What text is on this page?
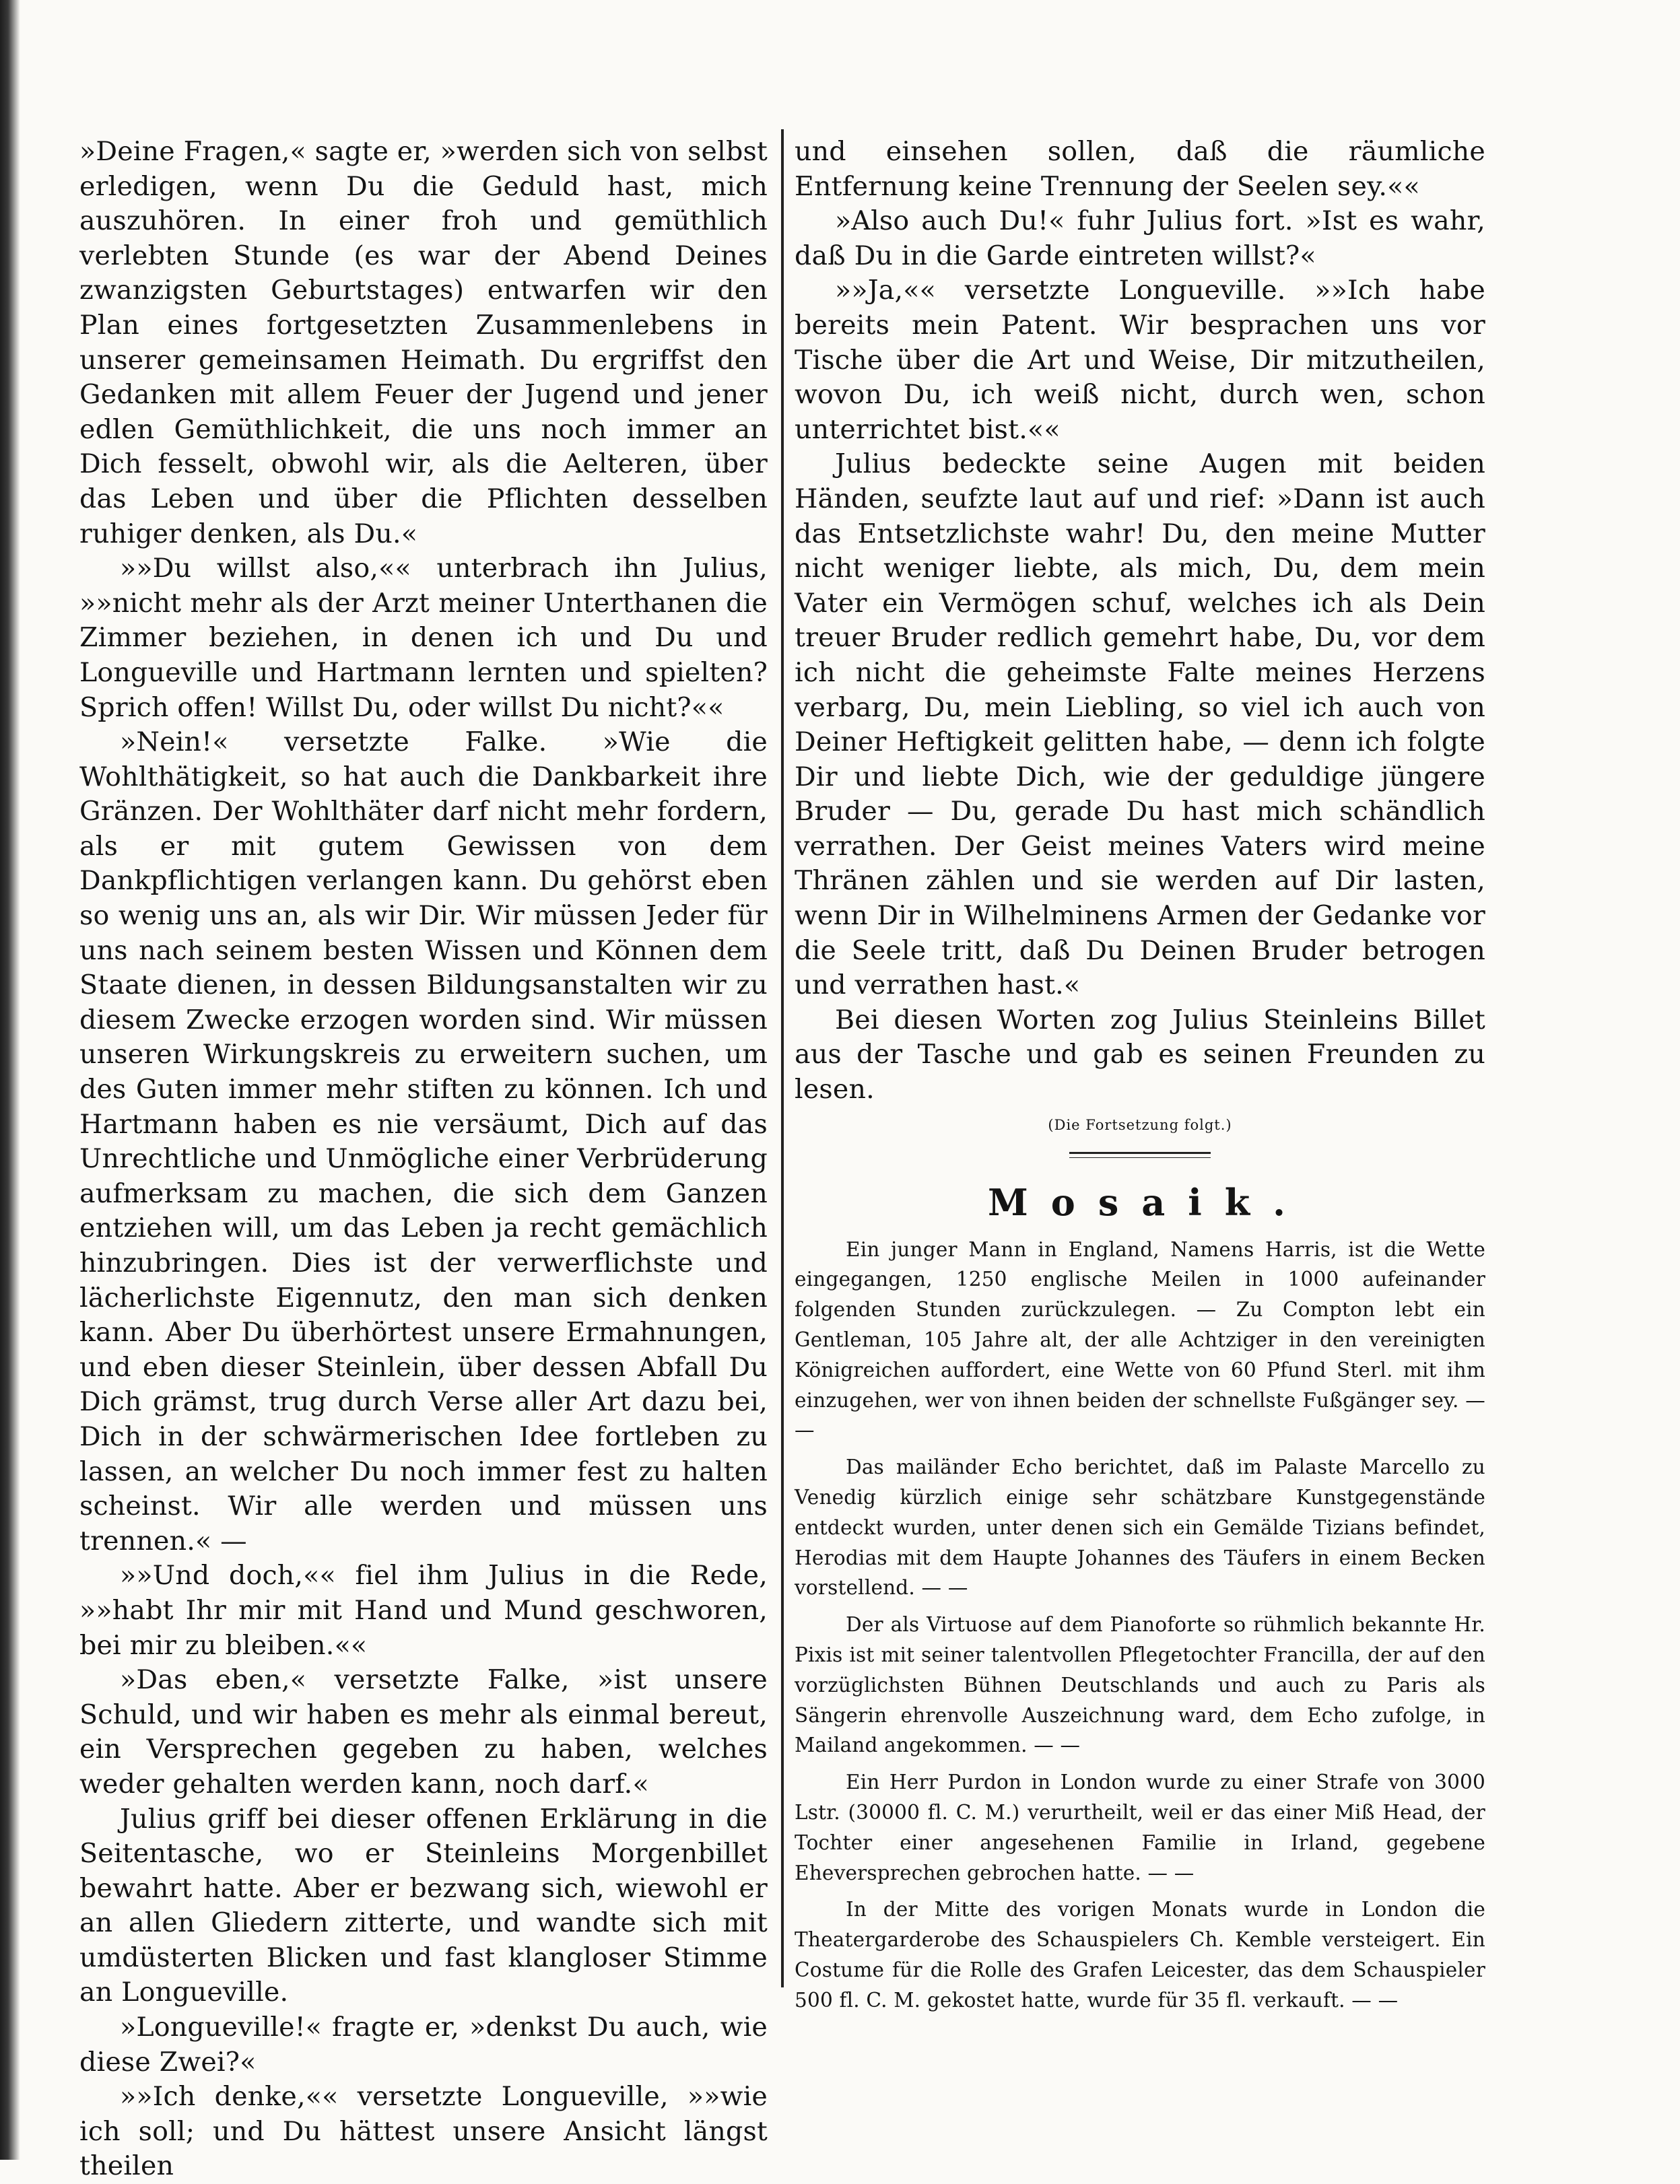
»Deine Fragen,« sagte er, »werden sich von selbst erledigen, wenn Du die Geduld hast, mich auszuhören. In einer froh und gemüthlich verlebten Stunde (es war der Abend Deines zwanzigsten Geburtstages) entwarfen wir den Plan eines fortgesetzten Zusammenlebens in unserer gemeinsamen Heimath. Du ergriffst den Gedanken mit allem Feuer der Jugend und jener edlen Gemüthlichkeit, die uns noch immer an Dich fesselt, obwohl wir, als die Aelteren, über das Leben und über die Pflichten desselben ruhiger denken, als Du.«

»»Du willst also,«« unterbrach ihn Julius, »»nicht mehr als der Arzt meiner Unterthanen die Zimmer beziehen, in denen ich und Du und Longueville und Hartmann lernten und spielten? Sprich offen! Willst Du, oder willst Du nicht?««

»Nein!« versetzte Falke. »Wie die Wohlthätigkeit, so hat auch die Dankbarkeit ihre Gränzen. Der Wohlthäter darf nicht mehr fordern, als er mit gutem Gewissen von dem Dankpflichtigen verlangen kann. Du gehörst eben so wenig uns an, als wir Dir. Wir müssen Jeder für uns nach seinem besten Wissen und Können dem Staate dienen, in dessen Bildungsanstalten wir zu diesem Zwecke erzogen worden sind. Wir müssen unseren Wirkungskreis zu erweitern suchen, um des Guten immer mehr stiften zu können. Ich und Hartmann haben es nie versäumt, Dich auf das Unrechtliche und Unmögliche einer Verbrüderung aufmerksam zu machen, die sich dem Ganzen entziehen will, um das Leben ja recht gemächlich hinzubringen. Dies ist der verwerflichste und lächerlichste Eigennutz, den man sich denken kann. Aber Du überhörtest unsere Ermahnungen, und eben dieser Steinlein, über dessen Abfall Du Dich grämst, trug durch Verse aller Art dazu bei, Dich in der schwärmerischen Idee fortleben zu lassen, an welcher Du noch immer fest zu halten scheinst. Wir alle werden und müssen uns trennen.« —

»»Und doch,«« fiel ihm Julius in die Rede, »»habt Ihr mir mit Hand und Mund geschworen, bei mir zu bleiben.««

»Das eben,« versetzte Falke, »ist unsere Schuld, und wir haben es mehr als einmal bereut, ein Versprechen gegeben zu haben, welches weder gehalten werden kann, noch darf.«

Julius griff bei dieser offenen Erklärung in die Seitentasche, wo er Steinleins Morgenbillet bewahrt hatte. Aber er bezwang sich, wiewohl er an allen Gliedern zitterte, und wandte sich mit umdüsterten Blicken und fast klangloser Stimme an Longueville.

»Longueville!« fragte er, »denkst Du auch, wie diese Zwei?«

»»Ich denke,«« versetzte Longueville, »»wie ich soll; und Du hättest unsere Ansicht längst theilen

und einsehen sollen, daß die räumliche Entfernung keine Trennung der Seelen sey.««

»Also auch Du!« fuhr Julius fort. »Ist es wahr, daß Du in die Garde eintreten willst?«

»»Ja,«« versetzte Longueville. »»Ich habe bereits mein Patent. Wir besprachen uns vor Tische über die Art und Weise, Dir mitzutheilen, wovon Du, ich weiß nicht, durch wen, schon unterrichtet bist.««

Julius bedeckte seine Augen mit beiden Händen, seufzte laut auf und rief: »Dann ist auch das Entsetzlichste wahr! Du, den meine Mutter nicht weniger liebte, als mich, Du, dem mein Vater ein Vermögen schuf, welches ich als Dein treuer Bruder redlich gemehrt habe, Du, vor dem ich nicht die geheimste Falte meines Herzens verbarg, Du, mein Liebling, so viel ich auch von Deiner Heftigkeit gelitten habe, — denn ich folgte Dir und liebte Dich, wie der geduldige jüngere Bruder — Du, gerade Du hast mich schändlich verrathen. Der Geist meines Vaters wird meine Thränen zählen und sie werden auf Dir lasten, wenn Dir in Wilhelminens Armen der Gedanke vor die Seele tritt, daß Du Deinen Bruder betrogen und verrathen hast.«

Bei diesen Worten zog Julius Steinleins Billet aus der Tasche und gab es seinen Freunden zu lesen.

(Die Fortsetzung folgt.)
Mosaik.

Ein junger Mann in England, Namens Harris, ist die Wette eingegangen, 1250 englische Meilen in 1000 aufeinander folgenden Stunden zurückzulegen. — Zu Compton lebt ein Gentleman, 105 Jahre alt, der alle Achtziger in den vereinigten Königreichen auffordert, eine Wette von 60 Pfund Sterl. mit ihm einzugehen, wer von ihnen beiden der schnellste Fußgänger sey. — —

Das mailänder Echo berichtet, daß im Palaste Marcello zu Venedig kürzlich einige sehr schätzbare Kunstgegenstände entdeckt wurden, unter denen sich ein Gemälde Tizians befindet, Herodias mit dem Haupte Johannes des Täufers in einem Becken vorstellend. — —

Der als Virtuose auf dem Pianoforte so rühmlich bekannte Hr. Pixis ist mit seiner talentvollen Pflegetochter Francilla, der auf den vorzüglichsten Bühnen Deutschlands und auch zu Paris als Sängerin ehrenvolle Auszeichnung ward, dem Echo zufolge, in Mailand angekommen. — —

Ein Herr Purdon in London wurde zu einer Strafe von 3000 Lstr. (30000 fl. C. M.) verurtheilt, weil er das einer Miß Head, der Tochter einer angesehenen Familie in Irland, gegebene Eheversprechen gebrochen hatte. — —

In der Mitte des vorigen Monats wurde in London die Theatergarderobe des Schauspielers Ch. Kemble versteigert. Ein Costume für die Rolle des Grafen Leicester, das dem Schauspieler 500 fl. C. M. gekostet hatte, wurde für 35 fl. verkauft. — —
